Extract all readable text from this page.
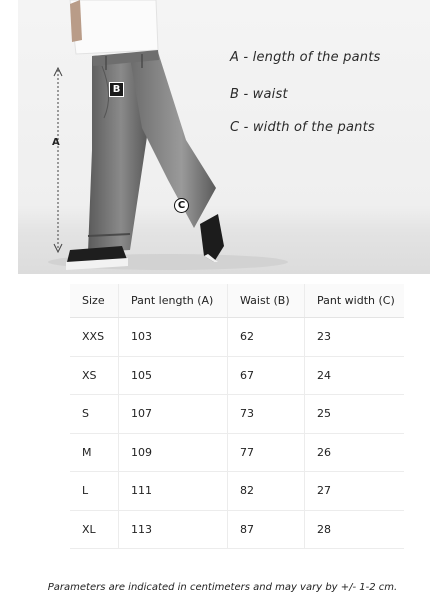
A
B
C
A - length of the pants
B - waist
C - width of the pants
Size	Pant length (A)	Waist (B)	Pant width (C)
XXS	103	62	23
XS	105	67	24
S	107	73	25
M	109	77	26
L	111	82	27
XL	113	87	28
Parameters are indicated in centimeters and may vary by +/- 1-2 cm.
